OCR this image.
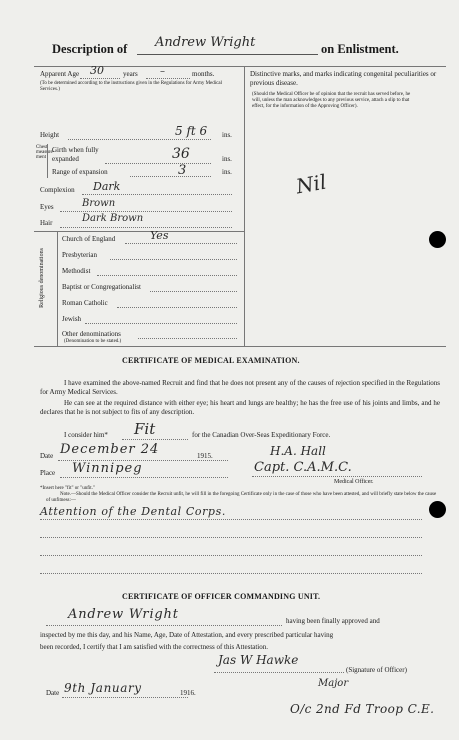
Description of Andrew Wright	on Enlistment.
Apparent Age 30	years –	months.
(To be determined according to the instructions given in the Regulations for Army Medical Services.)
Height	5 ft 6 ins.
Chest measure-ment
Girth when fully expanded	36	ins.
Range of expansion	3	ins.
Complexion Dark
Eyes	Brown
Hair	Dark Brown
Religious denominations
Church of England	Yes
Presbyterian
Methodist
Baptist or Congregationalist
Roman Catholic
Jewish
Other denominations
(Denomination to be stated.)
Distinctive marks, and marks indicating congenital peculiarities or previous disease.
(Should the Medical Officer be of opinion that the recruit has served before, he will, unless the man acknowledges to any previous service, attach a slip to that effect, for the information of the Approving Officer).
Nil
CERTIFICATE OF MEDICAL EXAMINATION.
I have examined the above-named Recruit and find that he does not present any of the causes of rejection specified in the Regulations for Army Medical Services.
He can see at the required distance with either eye; his heart and lungs are healthy; he has the free use of his joints and limbs, and he declares that he is not subject to fits of any description.
I consider him* Fit	for the Canadian Over-Seas Expeditionary Force.
Date December 24	1915.	H.A. Hall
Place Winnipeg	Capt. C.A.M.C.
Medical Officer.
*Insert here "fit" or "unfit."
Note.—Should the Medical Officer consider the Recruit unfit, he will fill in the foregoing Certificate only in the case of those who have been attested, and will briefly state below the cause of unfitness:—
Attention of the Dental Corps.
CERTIFICATE OF OFFICER COMMANDING UNIT.
Andrew Wright	having been finally approved and
inspected by me this day, and his Name, Age, Date of Attestation, and every prescribed particular having
been recorded, I certify that I am satisfied with the correctness of this Attestation.
Jas W Hawke
(Signature of Officer)
Date 9th January	1916.
Major
O/c 2nd Fd Troop C.E.
